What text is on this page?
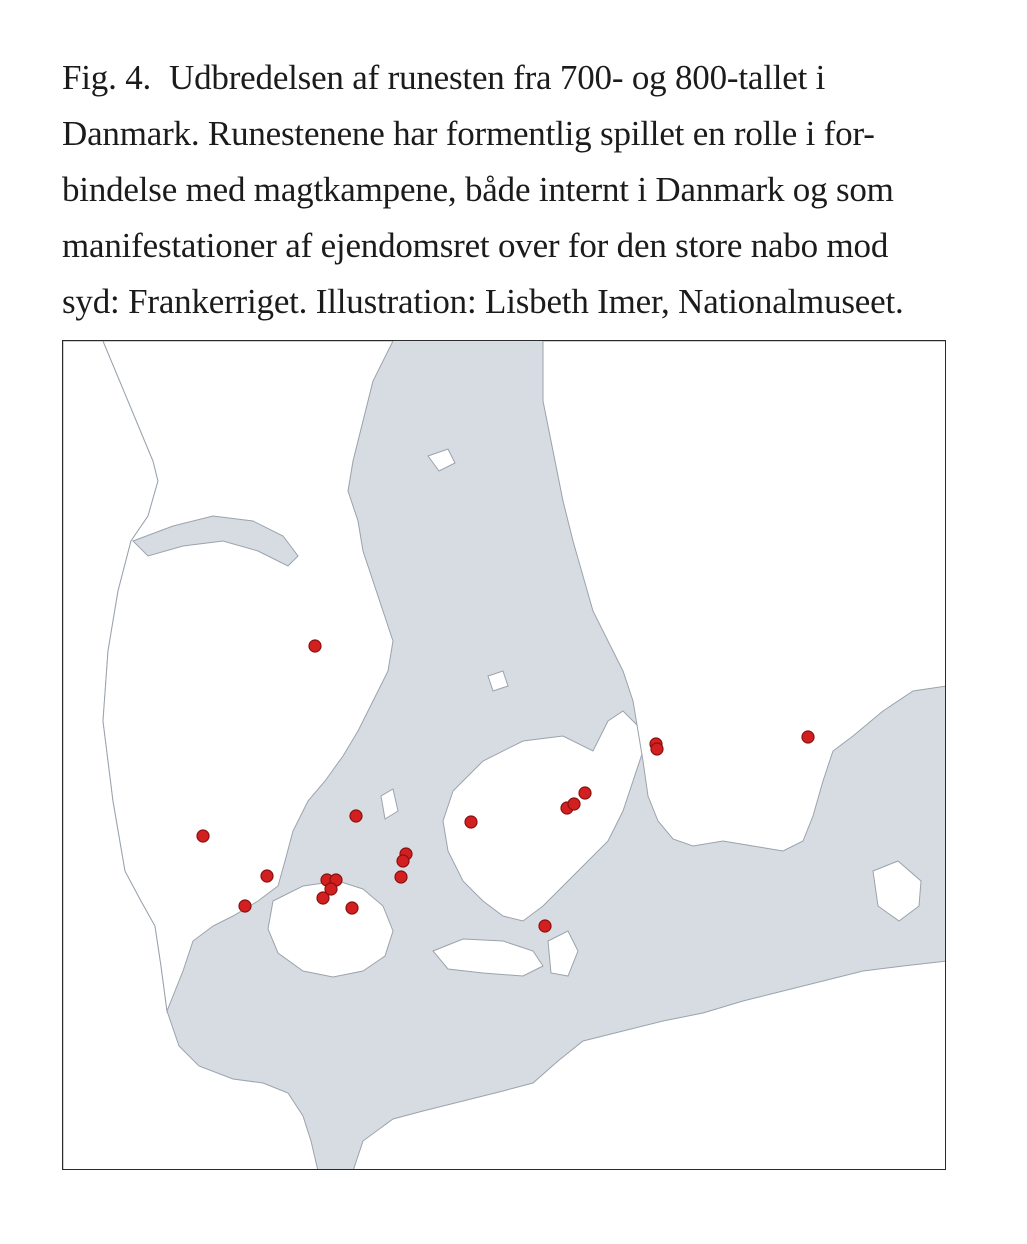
Fig. 4. Udbredelsen af runesten fra 700- og 800-tallet i
Danmark. Runestenene har formentlig spillet en rolle i for-
bindelse med magtkampene, både internt i Danmark og som
manifestationer af ejendomsret over for den store nabo mod
syd: Frankerriget. Illustration: Lisbeth Imer, Nationalmuseet.
